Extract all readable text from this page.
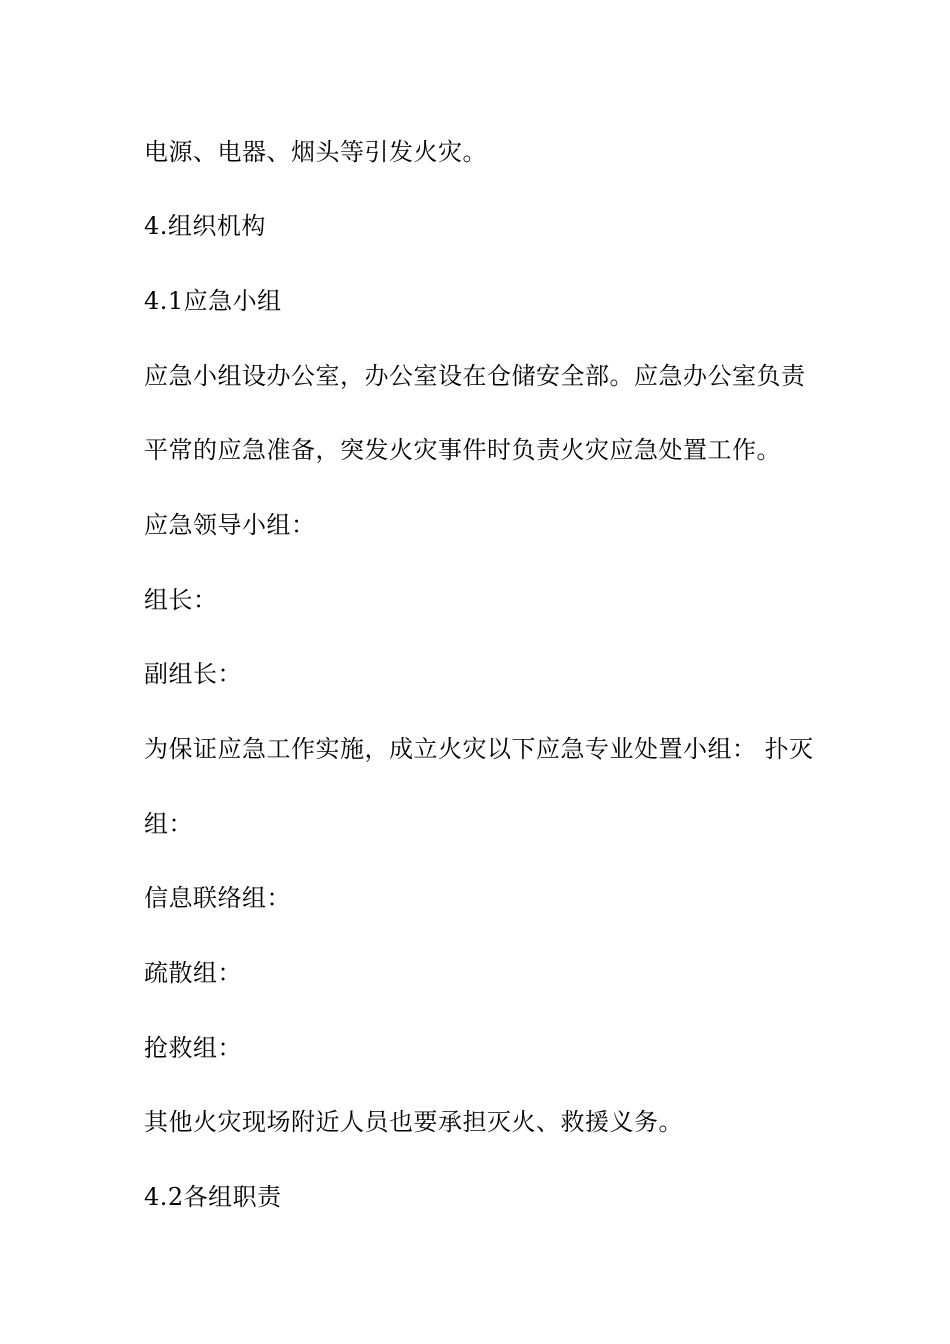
电源、电器、烟头等引发火灾。
4.组织机构
4.1应急小组
应急小组设办公室，办公室设在仓储安全部。应急办公室负责
平常的应急准备，突发火灾事件时负责火灾应急处置工作。
应急领导小组：
组长：
副组长：
为保证应急工作实施，成立火灾以下应急专业处置小组： 扑灭
组：
信息联络组：
疏散组：
抢救组：
其他火灾现场附近人员也要承担灭火、救援义务。
4.2各组职责
